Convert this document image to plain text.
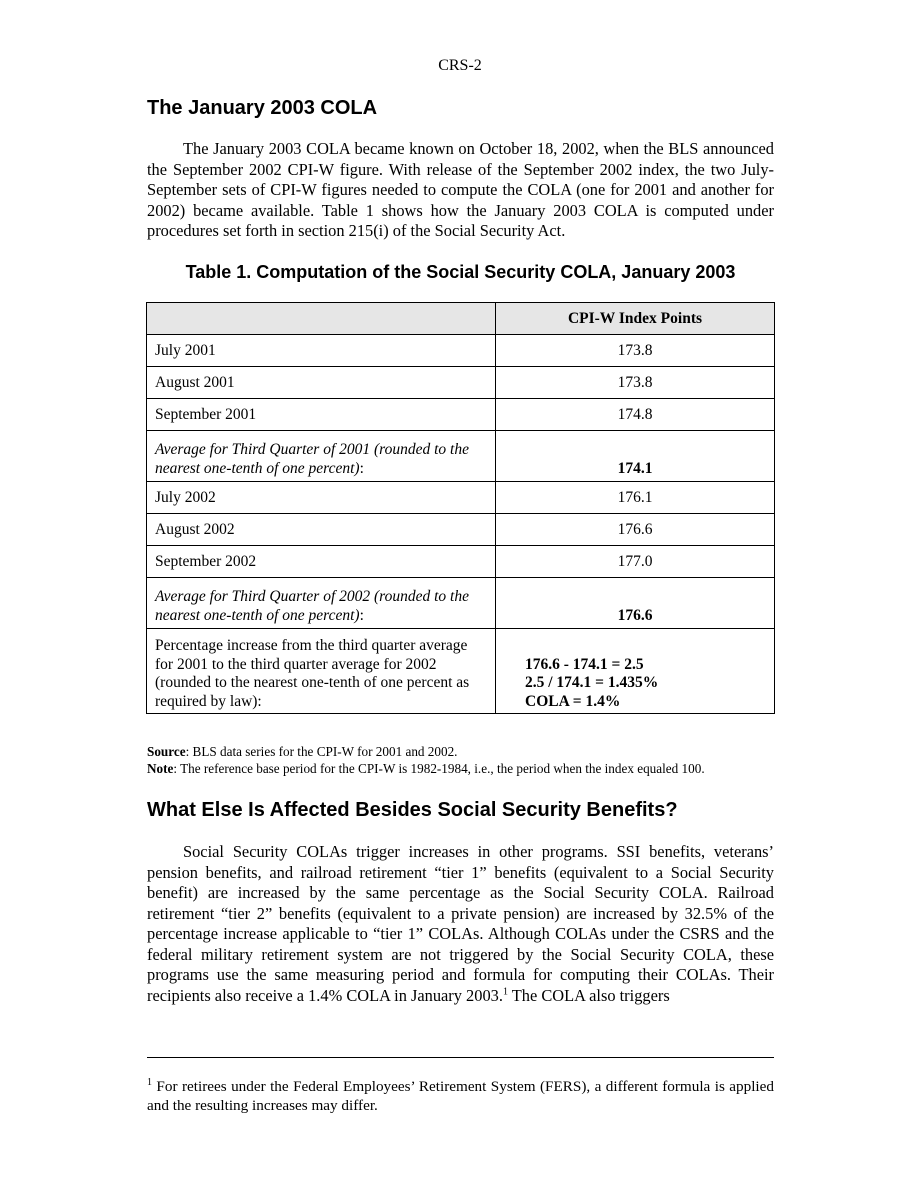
CRS-2
The January 2003 COLA

The January 2003 COLA became known on October 18, 2002, when the BLS announced the September 2002 CPI-W figure. With release of the September 2002 index, the two July-September sets of CPI-W figures needed to compute the COLA (one for 2001 and another for 2002) became available. Table 1 shows how the January 2003 COLA is computed under procedures set forth in section 215(i) of the Social Security Act.

Table 1. Computation of the Social Security COLA, January 2003
	CPI-W Index Points
July 2001	173.8
August 2001	173.8
September 2001	174.8
Average for Third Quarter of 2001 (rounded to the nearest one-tenth of one percent):	174.1
July 2002	176.1
August 2002	176.6
September 2002	177.0
Average for Third Quarter of 2002 (rounded to the nearest one-tenth of one percent):	176.6
Percentage increase from the third quarter average for 2001 to the third quarter average for 2002 (rounded to the nearest one-tenth of one percent as required by law):	176.6 - 174.1 = 2.5
2.5 / 174.1 = 1.435%
COLA = 1.4%
Source: BLS data series for the CPI-W for 2001 and 2002.
Note: The reference base period for the CPI-W is 1982-1984, i.e., the period when the index equaled 100.
What Else Is Affected Besides Social Security Benefits?

Social Security COLAs trigger increases in other programs. SSI benefits, veterans’ pension benefits, and railroad retirement “tier 1” benefits (equivalent to a Social Security benefit) are increased by the same percentage as the Social Security COLA. Railroad retirement “tier 2” benefits (equivalent to a private pension) are increased by 32.5% of the percentage increase applicable to “tier 1” COLAs. Although COLAs under the CSRS and the federal military retirement system are not triggered by the Social Security COLA, these programs use the same measuring period and formula for computing their COLAs. Their recipients also receive a 1.4% COLA in January 2003.$^1$ The COLA also triggers

$^1$ For retirees under the Federal Employees’ Retirement System (FERS), a different formula is applied and the resulting increases may differ.
